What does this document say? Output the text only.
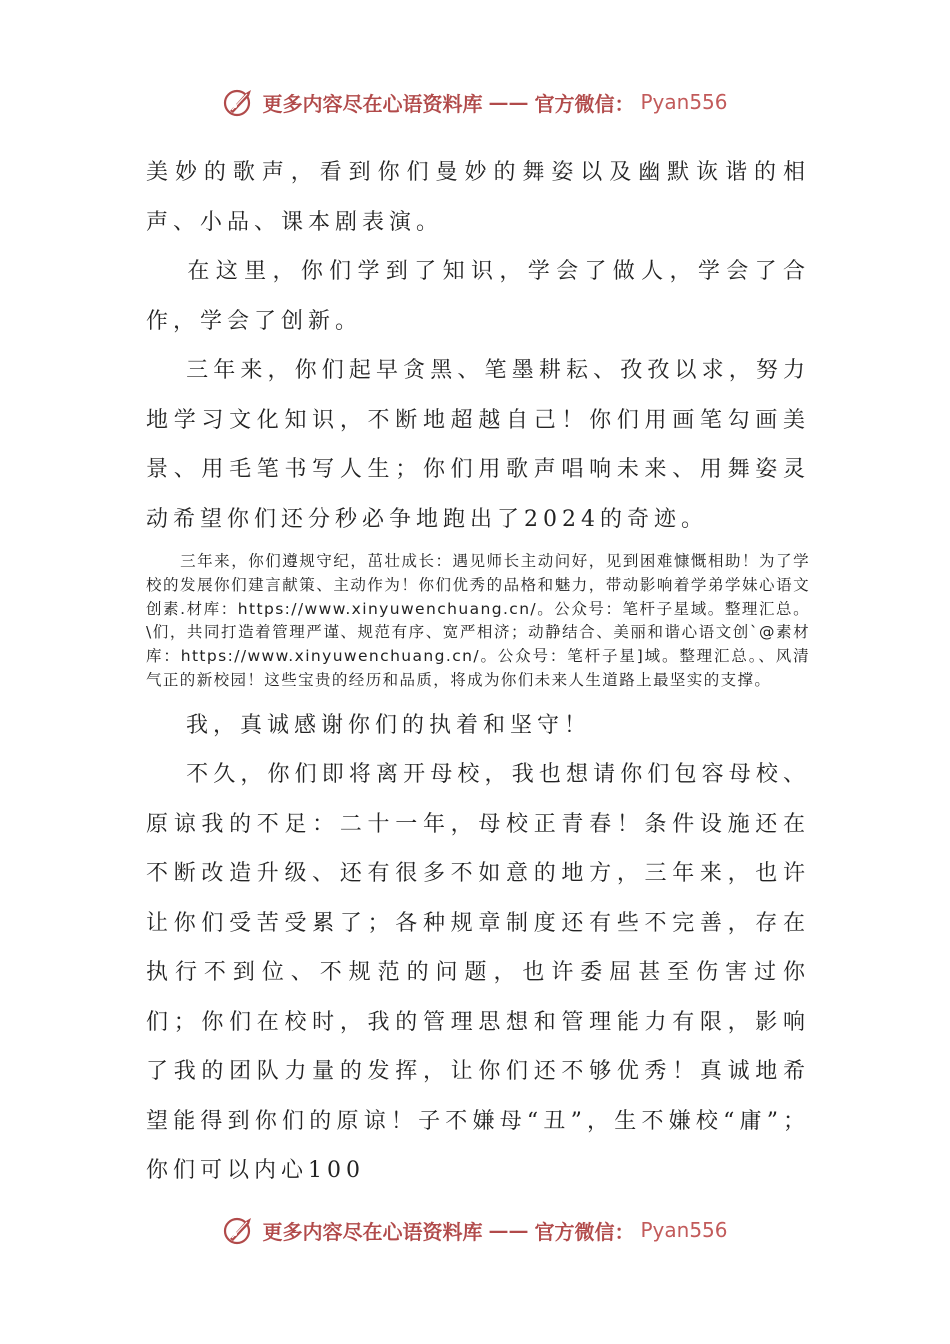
更多内容尽在心语资料库 —— 官方微信： Pyan556

美妙的歌声，看到你们曼妙的舞姿以及幽默诙谐的相声、小品、课本剧表演。

在这里，你们学到了知识，学会了做人，学会了合作，学会了创新。

三年来，你们起早贪黑、笔墨耕耘、孜孜以求，努力地学习文化知识，不断地超越自己！你们用画笔勾画美景、用毛笔书写人生；你们用歌声唱响未来、用舞姿灵动希望你们还分秒必争地跑出了2024的奇迹。

三年来，你们遵规守纪，茁壮成长：遇见师长主动问好，见到困难慷慨相助！为了学校的发展你们建言献策、主动作为！你们优秀的品格和魅力，带动影响着学弟学妹心语文创素.材库：https://www.xinyuwenchuang.cn/。公众号：笔杆子星域。整理汇总。\们，共同打造着管理严谨、规范有序、宽严相济；动静结合、美丽和谐心语文创`@素材库：https://www.xinyuwenchuang.cn/。公众号：笔杆子星]域。整理汇总。、风清气正的新校园！这些宝贵的经历和品质，将成为你们未来人生道路上最坚实的支撑。

我，真诚感谢你们的执着和坚守！

不久，你们即将离开母校，我也想请你们包容母校、原谅我的不足：二十一年，母校正青春！条件设施还在不断改造升级、还有很多不如意的地方，三年来，也许让你们受苦受累了；各种规章制度还有些不完善，存在执行不到位、不规范的问题，也许委屈甚至伤害过你们；你们在校时，我的管理思想和管理能力有限，影响了我的团队力量的发挥，让你们还不够优秀！真诚地希望能得到你们的原谅！子不嫌母“丑”，生不嫌校“庸”；你们可以内心100

更多内容尽在心语资料库 —— 官方微信： Pyan556
